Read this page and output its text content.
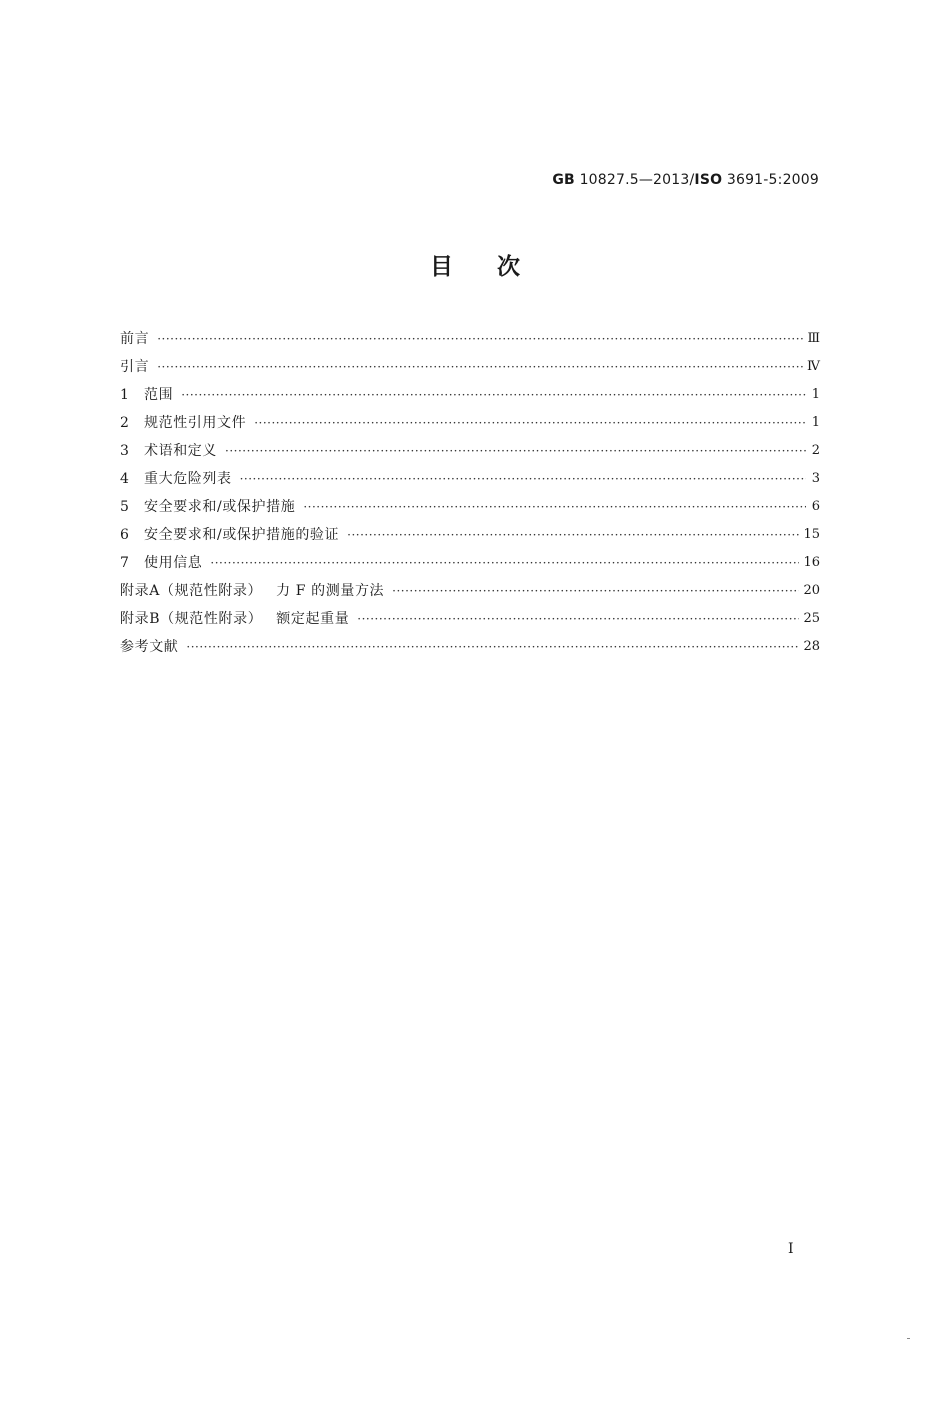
GB 10827.5—2013/ISO 3691-5:2009
目 次
前言 ·····	Ⅲ
引言 ·····	Ⅳ
1	范围 ·····	1
2	规范性引用文件 ·····	1
3	术语和定义 ·····	2
4	重大危险列表 ·····	3
5	安全要求和/或保护措施 ·····	6
6	安全要求和/或保护措施的验证 ·····	15
7	使用信息 ·····	16
附录A（规范性附录） 力 F 的测量方法 ·····	20
附录B（规范性附录） 额定起重量 ·····	25
参考文献 ·····	28
I
